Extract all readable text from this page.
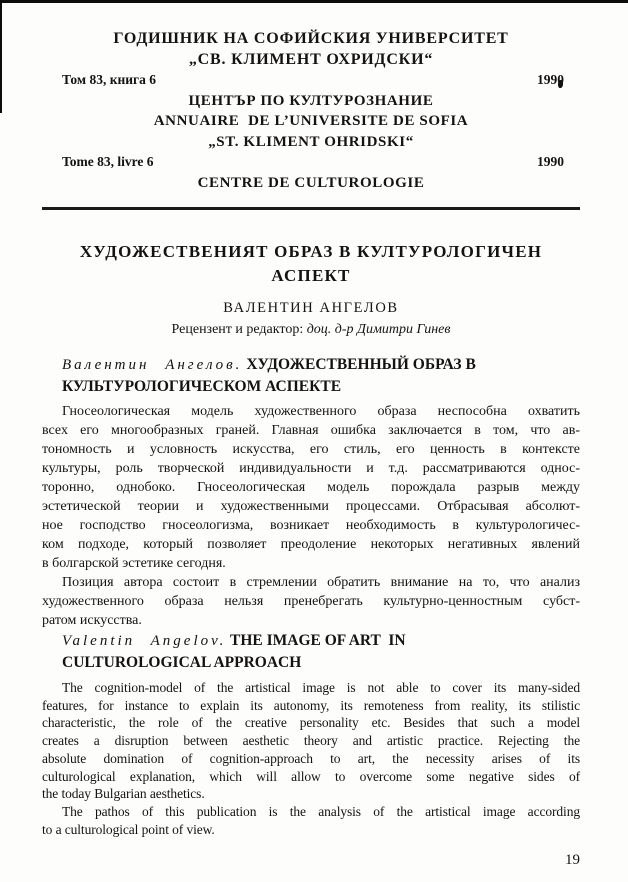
ГОДИШНИК НА СОФИЙСКИЯ УНИВЕРСИТЕТ
„СВ. КЛИМЕНТ ОХРИДСКИ“
Том 83, книга 6	1990
ЦЕНТЪР ПО КУЛТУРОЗНАНИЕ
ANNUAIRE  DE L’UNIVERSITE DE SOFIA
„ST. KLIMENT OHRIDSKI“
Tome 83, livre 6	1990
CENTRE DE CULTUROLOGIE
ХУДОЖЕСТВЕНИЯТ ОБРАЗ В КУЛТУРОЛОГИЧЕН
АСПЕКТ
ВАЛЕНТИН АНГЕЛОВ
Рецензент и редактор: доц. д-р Димитри Гинев
Валентин Ангелов. ХУДОЖЕСТВЕННЫЙ ОБРАЗ В
КУЛЬТУРОЛОГИЧЕСКОМ АСПЕКТЕ
Гносеологическая модель художественного образа неспособна охватить
всех его многообразных граней. Главная ошибка заключается в том, что ав-
тономность и условность искусства, его стиль, его ценность в контексте
культуры, роль творческой индивидуальности и т.д. рассматриваются однос-
торонно, однобоко. Гносеологическая модель порождала разрыв между
эстетической теории и художественными процессами. Отбрасывая абсолют-
ное господство гносеологизма, возникает необходимость в культурологичес-
ком подходе, который позволяет преодоление некоторых негативных явлений
в болгарской эстетике сегодня.
Позиция автора состоит в стремлении обратить внимание на то, что анализ
художественного образа нельзя пренебрегать культурно-ценностным субст-
ратом искусства.
Valentin Angelov. THE IMAGE OF ART  IN
CULTUROLOGICAL APPROACH
The cognition-model of the artistical image is not able to cover its many-sided
features, for instance to explain its autonomy, its remoteness from reality, its stilistic
characteristic, the role of the creative personality etc. Besides that such a model
creates a disruption between aesthetic theory and artistic practice. Rejecting the
absolute domination of cognition-approach to art, the necessity arises of its
culturological explanation, which will allow to overcome some negative sides of
the today Bulgarian aesthetics.
The pathos of this publication is the analysis of the artistical image according
to a culturological point of view.
19
